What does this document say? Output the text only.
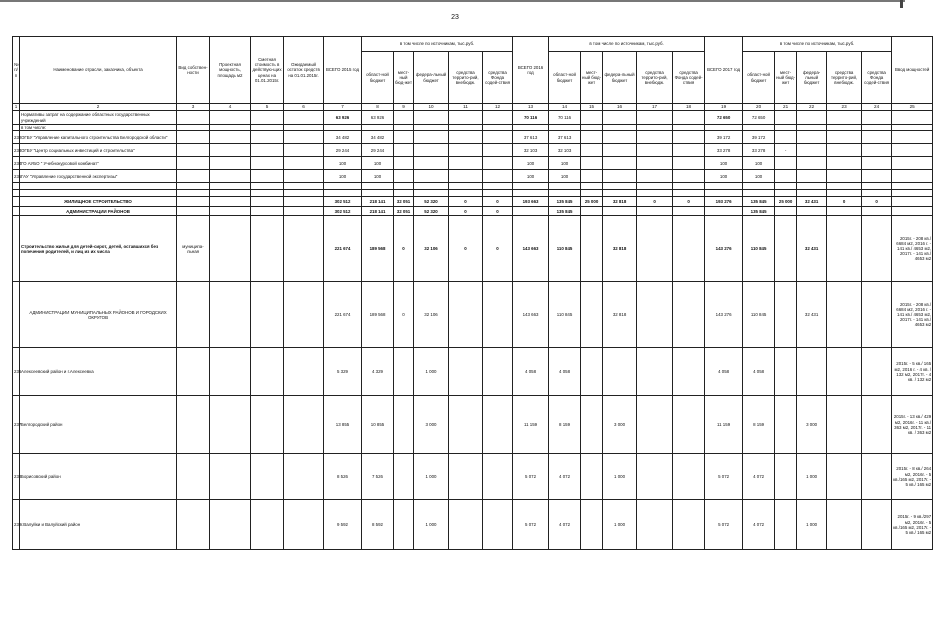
23
№ п/п	Наименование отрасли, заказчика, объекта	Вид собствен-ности	Проектная мощность, площадь м2	Сметная стоимость в действую-щих ценах на 01.01.2015г.	Ожидаемый остаток средств на 01.01.2015г.	ВСЕГО 2015 год	в том числе по источникам, тыс.руб.					ВСЕГО 2016 год	в том числе по источникам, тыс.руб.					ВСЕГО 2017 год	в том числе по источникам, тыс.руб.					Ввод мощностей
							област-ной бюджет	мест-ный бюд-жет	федера-льный бюджет	средства террито-рий, внебюдж.	средства Фонда содей-ствия		област-ной бюджет	мест-ный бюд-жет	федера-льный бюджет	средства террито-рий, внебюдж.	средства Фонда содей-ствия		област-ной бюджет	мест-ный бюд-жет	федера-льный бюджет	средства террито-рий, внебюдж.	средства Фонда содей-ствия	
1	2	3	4	5	6	7	8	9	10	11	12	13	14	15	16	17	18	19	20	21	22	23	24	25
	Нормативы затрат на содержание областных государственных учреждений					63 926	63 926					70 116	70 116					72 650	72 650					
	в том числе:																							
232	ОГБУ "Управление капитального строительства Белгородской области"					34 482	34 482					37 613	37 613					39 172	39 172					
233	ОГБУ "Центр социальных инвестиций и строительства"					29 244	29 244					32 103	32 103					33 278	33 278	-				
234	ГО АУБО " Учебнокурсовой комбинат"					100	100					100	100					100	100					
235	ГАУ "Управление государственной экспертизы"					100	100					100	100					100	100					

	ЖИЛИЩНОЕ СТРОИТЕЛЬСТВО					302 512	218 141	32 051	52 320	0	0	193 663	135 845	25 000	32 818	0	0	193 276	135 845	25 000	32 431	0	0	
	АДМИНИСТРАЦИИ РАЙОНОВ					302 512	218 141	32 051	52 320	0	0		135 845						135 845					
	Строительство жилья для детей-сирот, детей, оставшихся без попечения родителей, и лиц из их числа	муниципа-льная				221 674	189 568	0	32 106	0	0	143 663	110 845		32 818			143 276	110 845		32 431			2015г. - 208 кв./ 6684 м2, 2016 г. - 141 кв./ 4653 м2, 2017г. - 141 кв./ 4653 м2
	АДМИНИСТРАЦИИ МУНИЦИПАЛЬНЫХ РАЙОНОВ И ГОРОДСКИХ ОКРУГОВ					221 674	189 568	0	32 106			143 663	110 845		32 818			143 276	110 845		32 431			2015г. - 208 кв./ 6684 м2, 2016 г. - 141 кв./ 4653 м2, 2017г. - 141 кв./ 4653 м2
236	Алексеевский район и г.Алексеевка					5 329	4 329		1 000			4 058	4 058					4 058	4 058					2015г. - 5 кв./ 165 м2, 2016 г. - 4 кв. / 132 м2, 2017г. - 4 кв. / 132 м2
237	Белгородский район					13 855	10 855		3 000			11 159	8 159		3 000			11 159	8 159		3 000			2015г. - 13 кв./ 429 м2, 2016г. - 11 кв./ 363 м2, 2017г. - 11 кв. / 363 м2
238	Борисовский район					8 526	7 526		1 000			5 072	4 072		1 000			5 072	4 072		1 000			2015г. - 8 кв./ 264 м2, 2016г. - 5 кв./165 м2, 2017г. - 5 кв./ 165 м2
239	г.Валуйки и Валуйский район					9 592	8 592		1 000			5 072	4 072		1 000			5 072	4 072		1 000			2015г. - 9 кв./297 м2, 2016г. - 5 кв./165 м2, 2017г. - 5 кв./ 165 м2
